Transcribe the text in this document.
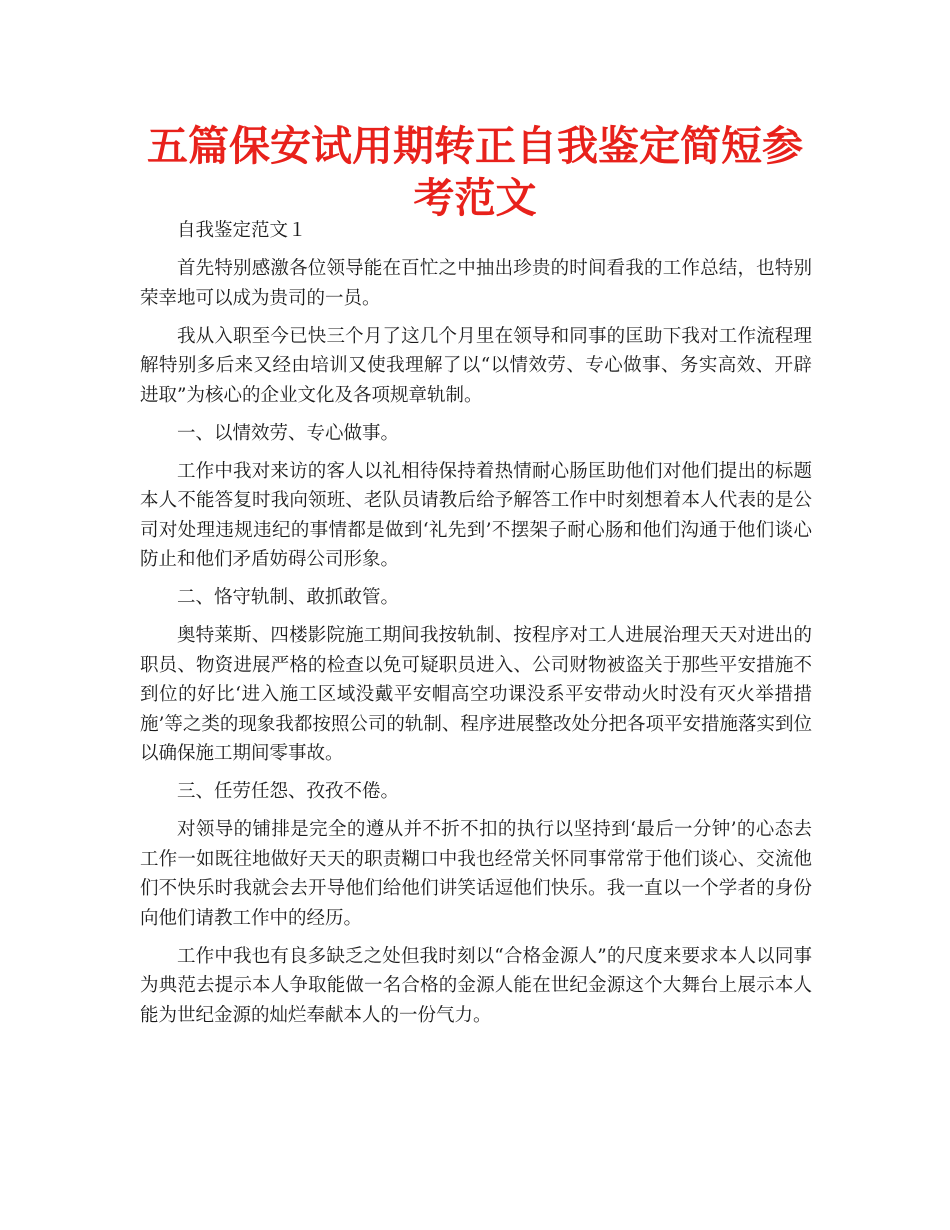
五篇保安试用期转正自我鉴定简短参考范文

自我鉴定范文１

首先特别感激各位领导能在百忙之中抽出珍贵的时间看我的工作总结，也特别荣幸地可以成为贵司的一员。

我从入职至今已快三个月了这几个月里在领导和同事的匡助下我对工作流程理解特别多后来又经由培训又使我理解了以“以情效劳、专心做事、务实高效、开辟进取”为核心的企业文化及各项规章轨制。

一、以情效劳、专心做事。

工作中我对来访的客人以礼相待保持着热情耐心肠匡助他们对他们提出的标题本人不能答复时我向领班、老队员请教后给予解答工作中时刻想着本人代表的是公司对处理违规违纪的事情都是做到‘礼先到’不摆架子耐心肠和他们沟通于他们谈心防止和他们矛盾妨碍公司形象。

二、恪守轨制、敢抓敢管。

奥特莱斯、四楼影院施工期间我按轨制、按程序对工人进展治理天天对进出的职员、物资进展严格的检查以免可疑职员进入、公司财物被盗关于那些平安措施不到位的好比‘进入施工区域没戴平安帽高空功课没系平安带动火时没有灭火举措措施’等之类的现象我都按照公司的轨制、程序进展整改处分把各项平安措施落实到位以确保施工期间零事故。

三、任劳任怨、孜孜不倦。

对领导的铺排是完全的遵从并不折不扣的执行以坚持到‘最后一分钟’的心态去工作一如既往地做好天天的职责糊口中我也经常关怀同事常常于他们谈心、交流他们不快乐时我就会去开导他们给他们讲笑话逗他们快乐。我一直以一个学者的身份向他们请教工作中的经历。

工作中我也有良多缺乏之处但我时刻以“合格金源人”的尺度来要求本人以同事为典范去提示本人争取能做一名合格的金源人能在世纪金源这个大舞台上展示本人能为世纪金源的灿烂奉献本人的一份气力。
